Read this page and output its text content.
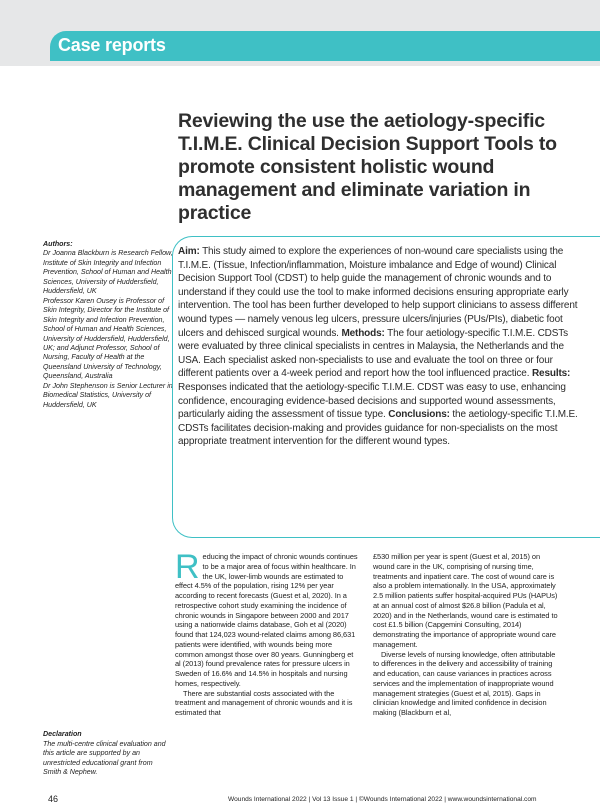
Case reports
Reviewing the use the aetiology-specific T.I.M.E. Clinical Decision Support Tools to promote consistent holistic wound management and eliminate variation in practice
Authors:
Dr Joanna Blackburn is Research Fellow, Institute of Skin Integrity and Infection Prevention, School of Human and Health Sciences, University of Huddersfield, Huddersfield, UK
Professor Karen Ousey is Professor of Skin Integrity, Director for the Institute of Skin Integrity and Infection Prevention, School of Human and Health Sciences, University of Huddersfield, Huddersfield, UK; and Adjunct Professor, School of Nursing, Faculty of Health at the Queensland University of Technology, Queensland, Australia
Dr John Stephenson is Senior Lecturer in Biomedical Statistics, University of Huddersfield, UK
Aim: This study aimed to explore the experiences of non-wound care specialists using the T.I.M.E. (Tissue, Infection/inflammation, Moisture imbalance and Edge of wound) Clinical Decision Support Tool (CDST) to help guide the management of chronic wounds and to understand if they could use the tool to make informed decisions ensuring appropriate early intervention. The tool has been further developed to help support clinicians to assess different wound types — namely venous leg ulcers, pressure ulcers/injuries (PUs/PIs), diabetic foot ulcers and dehisced surgical wounds. Methods: The four aetiology-specific T.I.M.E. CDSTs were evaluated by three clinical specialists in centres in Malaysia, the Netherlands and the USA. Each specialist asked non-specialists to use and evaluate the tool on three or four different patients over a 4-week period and report how the tool influenced practice. Results: Responses indicated that the aetiology-specific T.I.M.E. CDST was easy to use, enhancing confidence, encouraging evidence-based decisions and supported wound assessments, particularly aiding the assessment of tissue type. Conclusions: the aetiology-specific T.I.M.E. CDSTs facilitates decision-making and provides guidance for non-specialists on the most appropriate treatment intervention for the different wound types.

Reducing the impact of chronic wounds continues to be a major area of focus within healthcare. In the UK, lower-limb wounds are estimated to effect 4.5% of the population, rising 12% per year according to recent forecasts (Guest et al, 2020). In a retrospective cohort study examining the incidence of chronic wounds in Singapore between 2000 and 2017 using a nationwide claims database, Goh et al (2020) found that 124,023 wound-related claims among 86,631 patients were identified, with wounds being more common amongst those over 80 years. Gunningberg et al (2013) found prevalence rates for pressure ulcers in Sweden of 16.6% and 14.5% in hospitals and nursing homes, respectively.

There are substantial costs associated with the treatment and management of chronic wounds and it is estimated that

£530 million per year is spent (Guest et al, 2015) on wound care in the UK, comprising of nursing time, treatments and inpatient care. The cost of wound care is also a problem internationally. In the USA, approximately 2.5 million patients suffer hospital-acquired PUs (HAPUs) at an annual cost of almost $26.8 billion (Padula et al, 2020) and in the Netherlands, wound care is estimated to cost £1.5 billion (Capgemini Consulting, 2014) demonstrating the importance of appropriate wound care management.

Diverse levels of nursing knowledge, often attributable to differences in the delivery and accessibility of training and education, can cause variances in practices across services and the implementation of inappropriate wound management strategies (Guest et al, 2015). Gaps in clinician knowledge and limited confidence in decision making (Blackburn et al,

Declaration
The multi-centre clinical evaluation and this article are supported by an unrestricted educational grant from Smith & Nephew.
46	Wounds International 2022 | Vol 13 Issue 1 | ©Wounds International 2022 | www.woundsinternational.com
